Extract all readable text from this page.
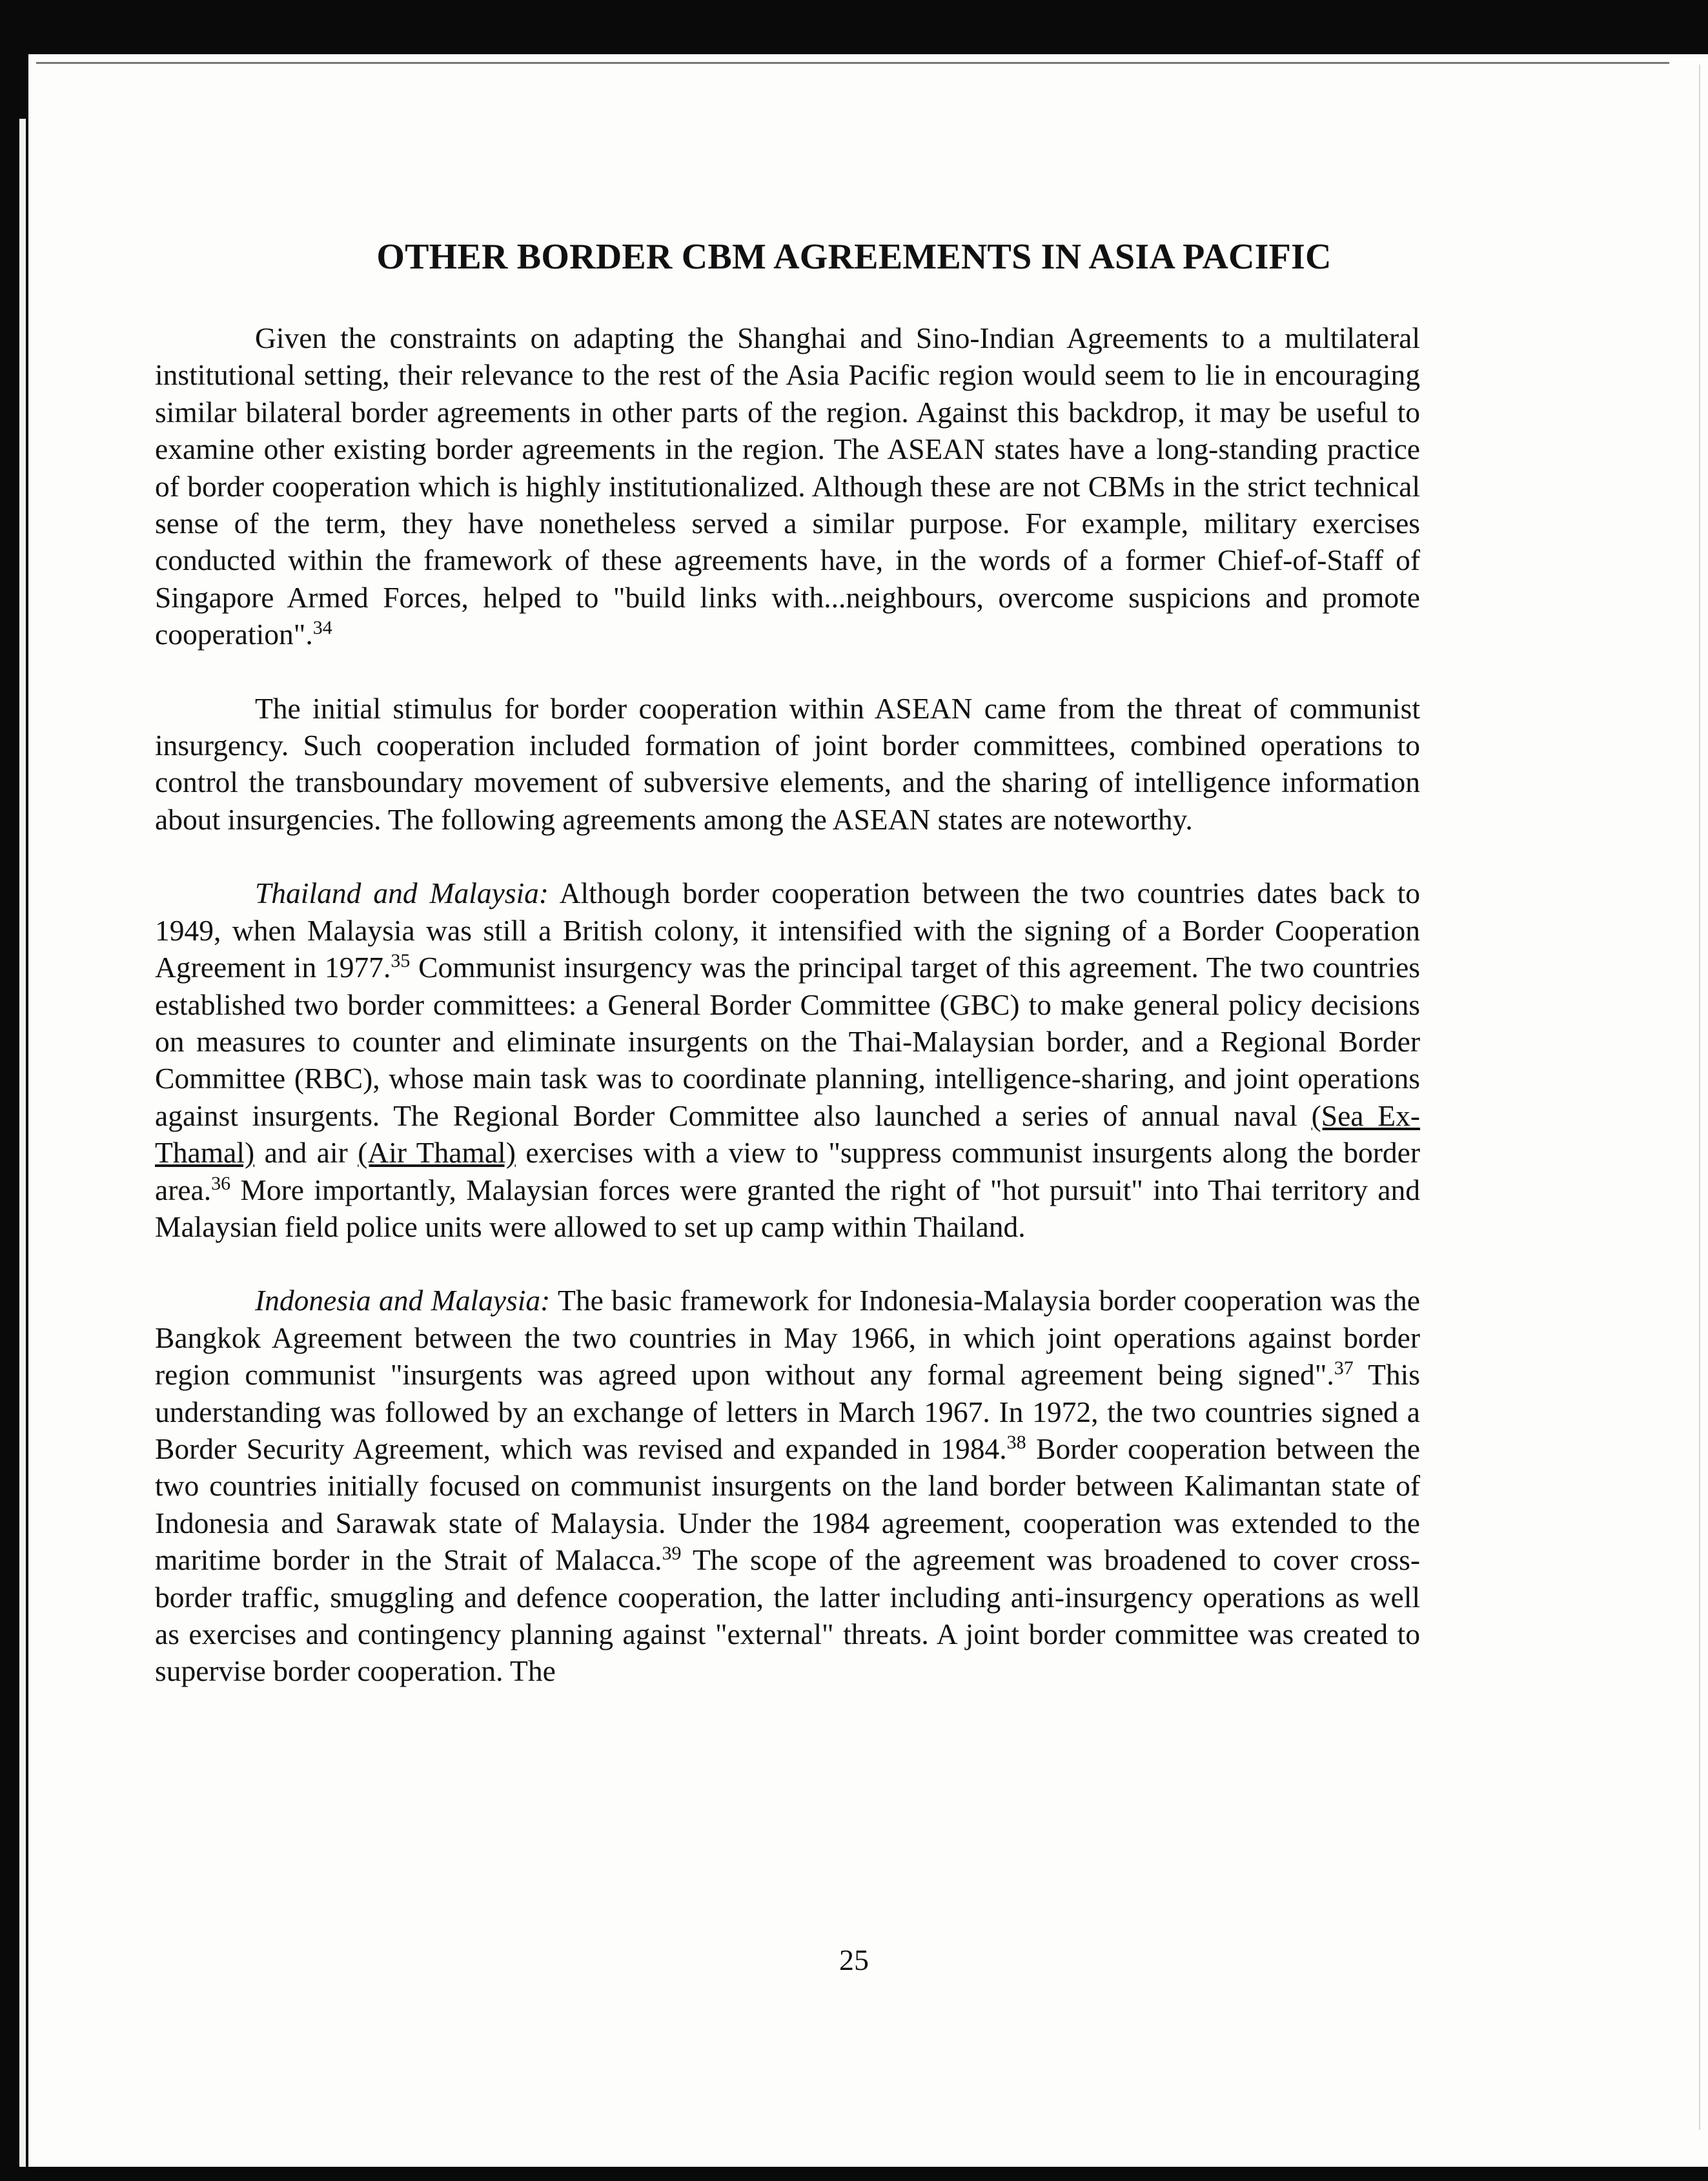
OTHER BORDER CBM AGREEMENTS IN ASIA PACIFIC

Given the constraints on adapting the Shanghai and Sino-Indian Agreements to a multilateral institutional setting, their relevance to the rest of the Asia Pacific region would seem to lie in encouraging similar bilateral border agreements in other parts of the region. Against this backdrop, it may be useful to examine other existing border agreements in the region. The ASEAN states have a long-standing practice of border cooperation which is highly institutionalized. Although these are not CBMs in the strict technical sense of the term, they have nonetheless served a similar purpose. For example, military exercises conducted within the framework of these agreements have, in the words of a former Chief-of-Staff of Singapore Armed Forces, helped to "build links with...neighbours, overcome suspicions and promote cooperation".$^{34}$

The initial stimulus for border cooperation within ASEAN came from the threat of communist insurgency. Such cooperation included formation of joint border committees, combined operations to control the transboundary movement of subversive elements, and the sharing of intelligence information about insurgencies. The following agreements among the ASEAN states are noteworthy.

Thailand and Malaysia: Although border cooperation between the two countries dates back to 1949, when Malaysia was still a British colony, it intensified with the signing of a Border Cooperation Agreement in 1977.35 Communist insurgency was the principal target of this agreement. The two countries established two border committees: a General Border Committee (GBC) to make general policy decisions on measures to counter and eliminate insurgents on the Thai-Malaysian border, and a Regional Border Committee (RBC), whose main task was to coordinate planning, intelligence-sharing, and joint operations against insurgents. The Regional Border Committee also launched a series of annual naval (Sea Ex-Thamal) and air (Air Thamal) exercises with a view to "suppress communist insurgents along the border area.$^{36}$ More importantly, Malaysian forces were granted the right of "hot pursuit" into Thai territory and Malaysian field police units were allowed to set up camp within Thailand.

Indonesia and Malaysia: The basic framework for Indonesia-Malaysia border cooperation was the Bangkok Agreement between the two countries in May 1966, in which joint operations against border region communist "insurgents was agreed upon without any formal agreement being signed".$^{37}$ This understanding was followed by an exchange of letters in March 1967. In 1972, the two countries signed a Border Security Agreement, which was revised and expanded in 1984.38 Border cooperation between the two countries initially focused on communist insurgents on the land border between Kalimantan state of Indonesia and Sarawak state of Malaysia. Under the 1984 agreement, cooperation was extended to the maritime border in the Strait of Malacca.$^{39}$ The scope of the agreement was broadened to cover cross-border traffic, smuggling and defence cooperation, the latter including anti-insurgency operations as well as exercises and contingency planning against "external" threats. A joint border committee was created to supervise border cooperation. The

25
